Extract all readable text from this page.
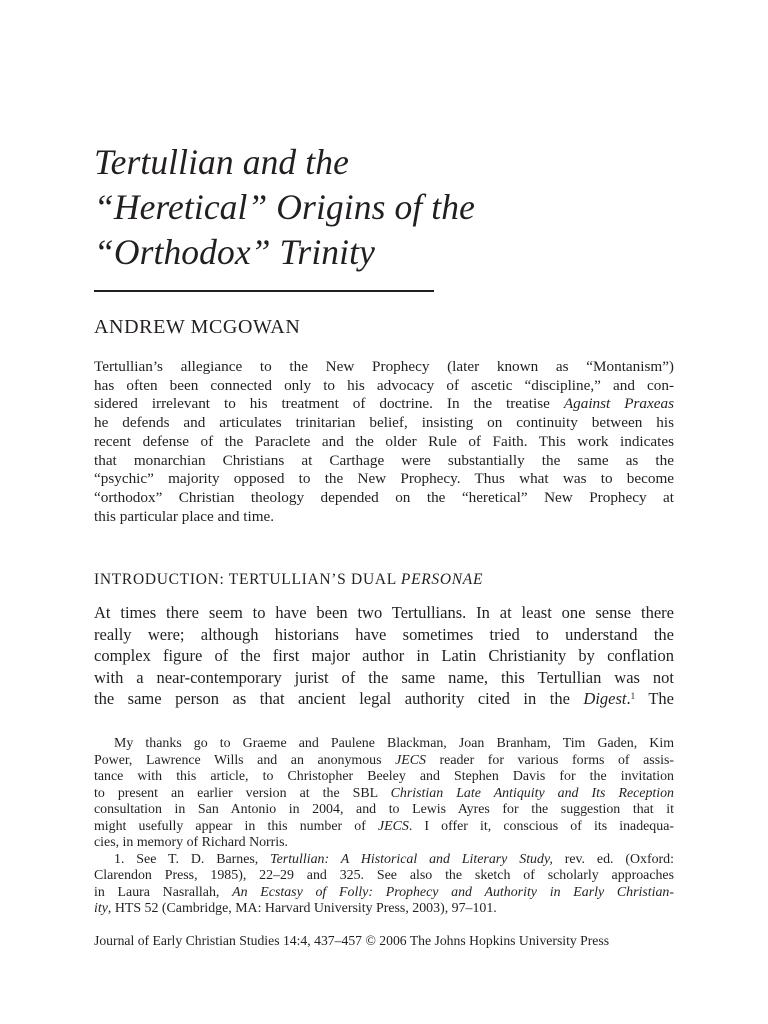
Tertullian and the
“Heretical” Origins of the
“Orthodox” Trinity

ANDREW MCGOWAN

Tertullian’s allegiance to the New Prophecy (later known as “Montanism”)
has often been connected only to his advocacy of ascetic “discipline,” and con-
sidered irrelevant to his treatment of doctrine. In the treatise Against Praxeas
he defends and articulates trinitarian belief, insisting on continuity between his
recent defense of the Paraclete and the older Rule of Faith. This work indicates
that monarchian Christians at Carthage were substantially the same as the
“psychic” majority opposed to the New Prophecy. Thus what was to become
“orthodox” Christian theology depended on the “heretical” New Prophecy at
this particular place and time.
INTRODUCTION: TERTULLIAN’S DUAL PERSONAE
At times there seem to have been two Tertullians. In at least one sense there
really were; although historians have sometimes tried to understand the
complex figure of the first major author in Latin Christianity by conflation
with a near-contemporary jurist of the same name, this Tertullian was not
the same person as that ancient legal authority cited in the Digest.$^1$ The
My thanks go to Graeme and Paulene Blackman, Joan Branham, Tim Gaden, Kim
Power, Lawrence Wills and an anonymous JECS reader for various forms of assis-
tance with this article, to Christopher Beeley and Stephen Davis for the invitation
to present an earlier version at the SBL Christian Late Antiquity and Its Reception
consultation in San Antonio in 2004, and to Lewis Ayres for the suggestion that it
might usefully appear in this number of JECS. I offer it, conscious of its inadequa-
cies, in memory of Richard Norris.
1. See T. D. Barnes, Tertullian: A Historical and Literary Study, rev. ed. (Oxford:
Clarendon Press, 1985), 22–29 and 325. See also the sketch of scholarly approaches
in Laura Nasrallah, An Ecstasy of Folly: Prophecy and Authority in Early Christian-
ity, HTS 52 (Cambridge, MA: Harvard University Press, 2003), 97–101.

Journal of Early Christian Studies 14:4, 437–457 © 2006 The Johns Hopkins University Press
